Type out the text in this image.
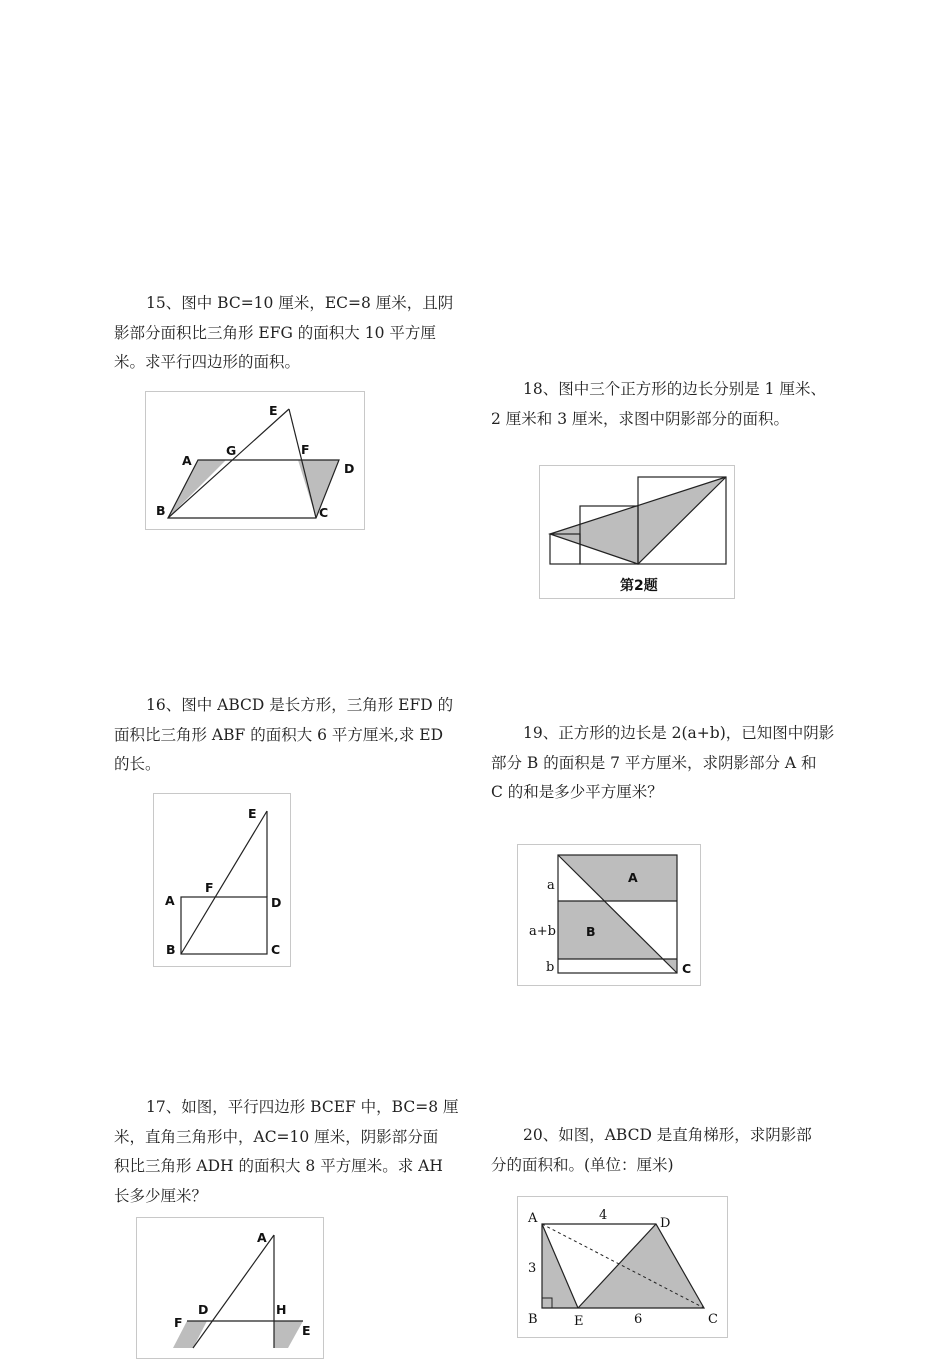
15、图中 BC=10 厘米，EC=8 厘米，且阴

影部分面积比三角形 EFG 的面积大 10 平方厘

米。求平行四边形的面积。

E
G	F
A
D
B	C

18、图中三个正方形的边长分别是 1 厘米、

2 厘米和 3 厘米，求图中阴影部分的面积。

第2题

16、图中 ABCD 是长方形，三角形 EFD 的

面积比三角形 ABF 的面积大 6 平方厘米,求 ED

的长。

E
F
A	D
B	C

19、正方形的边长是 2(a+b)，已知图中阴影

部分 B 的面积是 7 平方厘米，求阴影部分 A 和

C 的和是多少平方厘米？

a
A
a+b B
b	C

17、如图，平行四边形 BCEF 中，BC=8 厘

米，直角三角形中，AC=10 厘米，阴影部分面

积比三角形 ADH 的面积大 8 平方厘米。求 AH

长多少厘米？

A
F
D	H
E

20、如图，ABCD 是直角梯形，求阴影部

分的面积和。(单位：厘米)

A	4
D
3
B	E	6	C
